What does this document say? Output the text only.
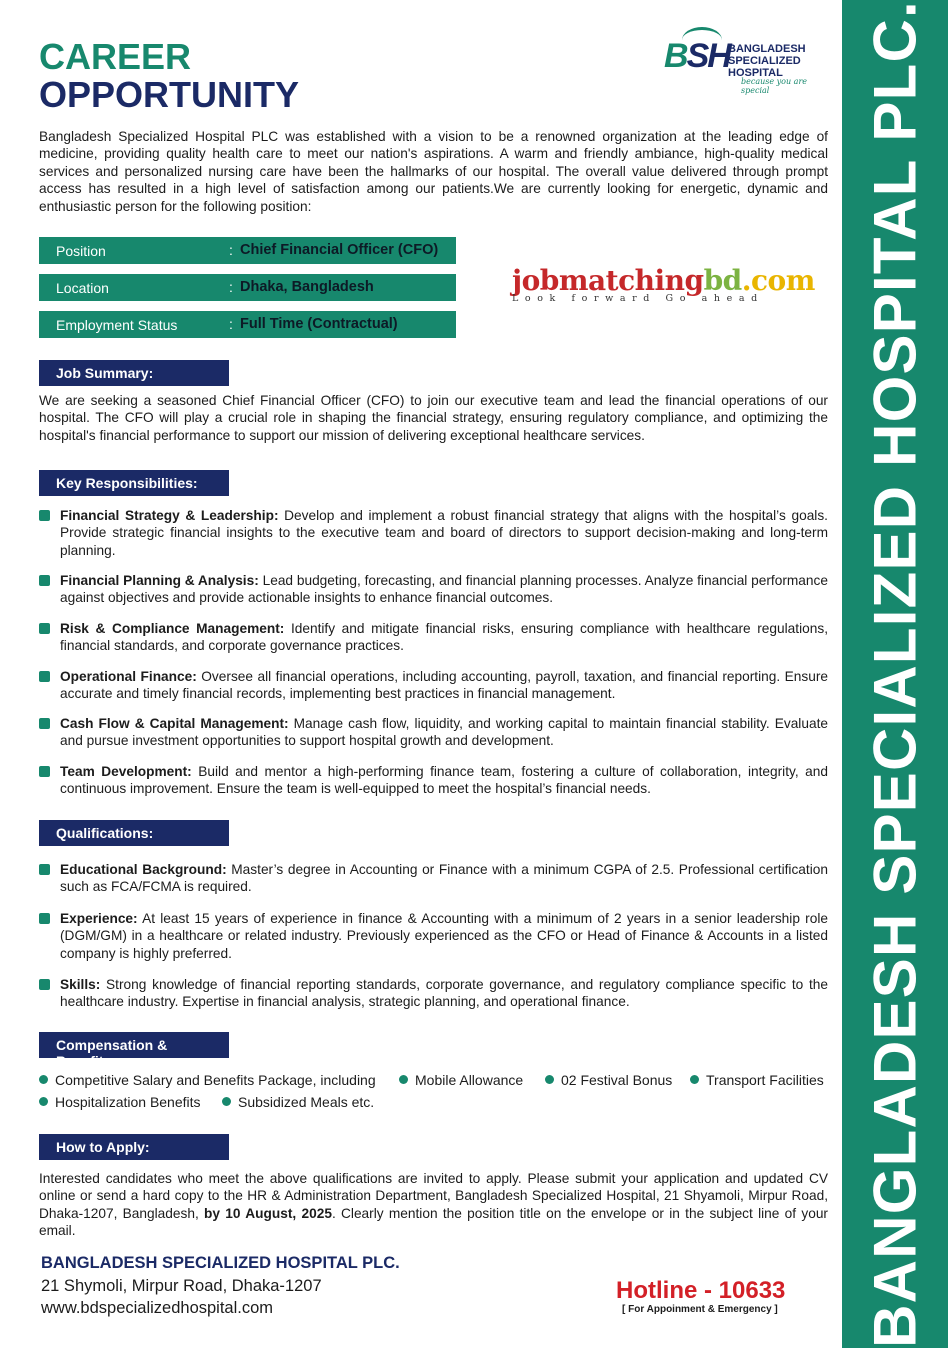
BANGLADESH SPECIALIZED HOSPITAL PLC.
CAREER
OPPORTUNITY
BSH
BANGLADESH
SPECIALIZED HOSPITAL
because you are special

Bangladesh Specialized Hospital PLC was established with a vision to be a renowned organization at the leading edge of medicine, providing quality health care to meet our nation's aspirations. A warm and friendly ambiance, high-quality medical services and personalized nursing care have been the hallmarks of our hospital. The overall value delivered through prompt access has resulted in a high level of satisfaction among our patients.We are currently looking for energetic, dynamic and enthusiastic person for the following position:

Position	: Chief Financial Officer (CFO)
Location	: Dhaka, Bangladesh
Employment Status	: Full Time (Contractual)
jobmatchingbd.com
Look forward Go ahead
Job Summary:

We are seeking a seasoned Chief Financial Officer (CFO) to join our executive team and lead the financial operations of our hospital. The CFO will play a crucial role in shaping the financial strategy, ensuring regulatory compliance, and optimizing the hospital's financial performance to support our mission of delivering exceptional healthcare services.

Key Responsibilities:
Financial Strategy & Leadership: Develop and implement a robust financial strategy that aligns with the hospital’s goals. Provide strategic financial insights to the executive team and board of directors to support decision-making and long-term planning.
Financial Planning & Analysis: Lead budgeting, forecasting, and financial planning processes. Analyze financial performance against objectives and provide actionable insights to enhance financial outcomes.
Risk & Compliance Management: Identify and mitigate financial risks, ensuring compliance with healthcare regulations, financial standards, and corporate governance practices.
Operational Finance: Oversee all financial operations, including accounting, payroll, taxation, and financial reporting. Ensure accurate and timely financial records, implementing best practices in financial management.
Cash Flow & Capital Management: Manage cash flow, liquidity, and working capital to maintain financial stability. Evaluate and pursue investment opportunities to support hospital growth and development.
Team Development: Build and mentor a high-performing finance team, fostering a culture of collaboration, integrity, and continuous improvement. Ensure the team is well-equipped to meet the hospital’s financial needs.
Qualifications:
Educational Background: Master’s degree in Accounting or Finance with a minimum CGPA of 2.5. Professional certification such as FCA/FCMA is required.
Experience: At least 15 years of experience in finance & Accounting with a minimum of 2 years in a senior leadership role (DGM/GM) in a healthcare or related industry. Previously experienced as the CFO or Head of Finance & Accounts in a listed company is highly preferred.
Skills: Strong knowledge of financial reporting standards, corporate governance, and regulatory compliance specific to the healthcare industry. Expertise in financial analysis, strategic planning, and operational finance.
Compensation & Benefits:
Competitive Salary and Benefits Package, including	Mobile Allowance	02 Festival Bonus	Transport Facilities
Hospitalization Benefits	Subsidized Meals etc.
How to Apply:

Interested candidates who meet the above qualifications are invited to apply. Please submit your application and updated CV online or send a hard copy to the HR & Administration Department, Bangladesh Specialized Hospital, 21 Shyamoli, Mirpur Road, Dhaka-1207, Bangladesh, by 10 August, 2025. Clearly mention the position title on the envelope or in the subject line of your email.

BANGLADESH SPECIALIZED HOSPITAL PLC.
21 Shymoli, Mirpur Road, Dhaka-1207
www.bdspecializedhospital.com
Hotline - 10633
[ For Appoinment & Emergency ]
